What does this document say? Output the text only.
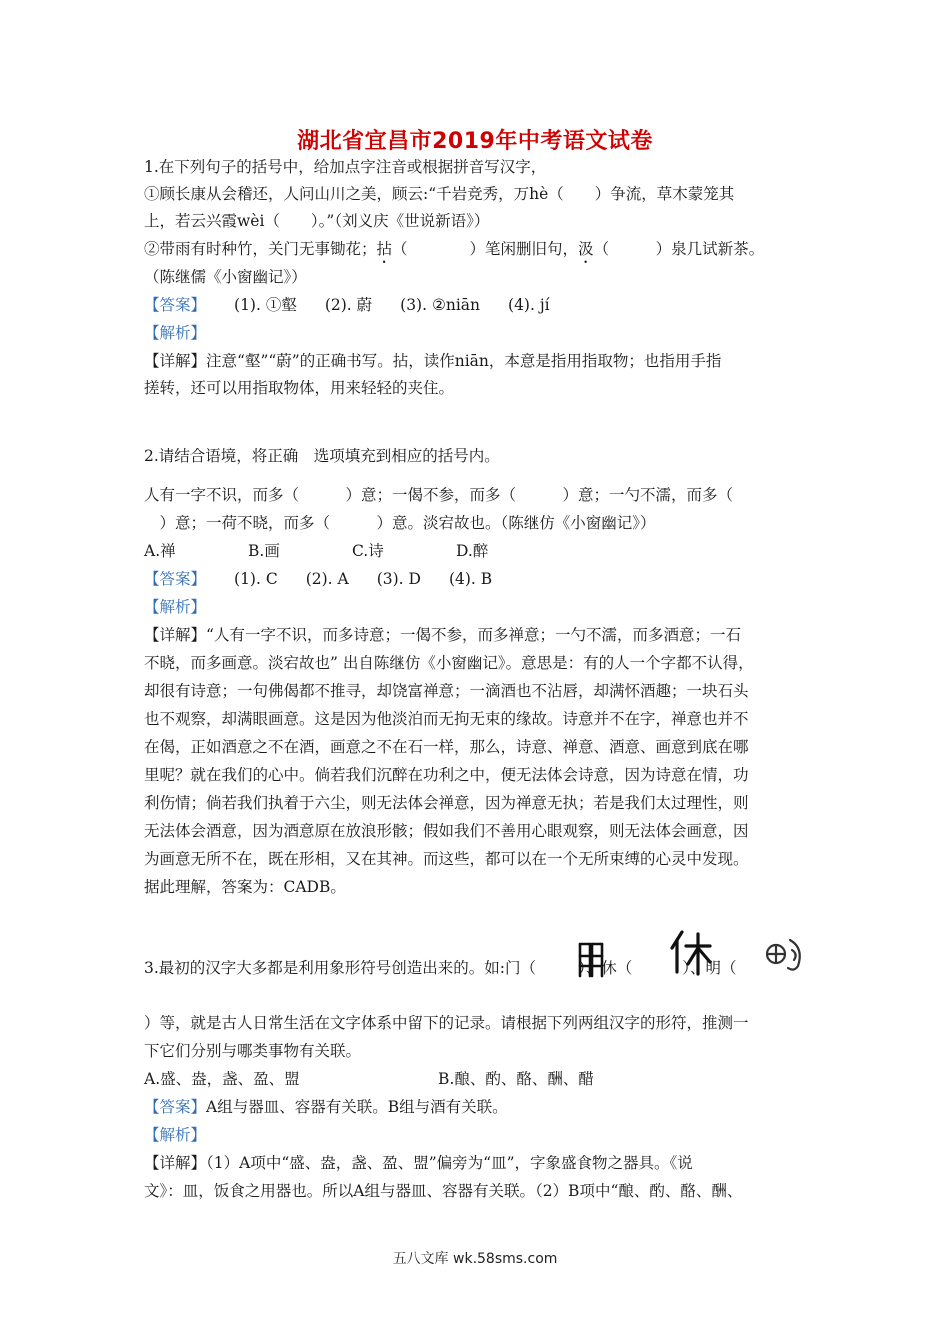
湖北省宜昌市2019年中考语文试卷
1.在下列句子的括号中，给加点字注音或根据拼音写汉字，
①顾长康从会稽还，人问山川之美，顾云:“千岩竞秀，万hè（　　）争流，草木蒙笼其
上，若云兴霞wèi（　　）。”（刘义庆《世说新语》）
②带雨有时种竹，关门无事锄花；拈（　　　　）笔闲删旧句，汲（　　　）泉几试新茶。
（陈继儒《小窗幽记》）
【答案】 (1). ①壑 (2). 蔚 (3). ②niān (4). jí
【解析】
【详解】注意“壑”“蔚”的正确书写。拈，读作niān，本意是指用指取物；也指用手指
搓转，还可以用指取物体，用来轻轻的夹住。
2.请结合语境，将正确　选项填充到相应的括号内。
人有一字不识，而多（　　　）意；一偈不参，而多（　　　）意；一勺不濡，而多（
　）意；一荷不晓，而多（　　　）意。淡宕故也。（陈继仿《小窗幽记》）
A.禅	B.画	C.诗	D.醉
【答案】 (1). C (2). A (3). D (4). B
【解析】
【详解】“人有一字不识，而多诗意；一偈不参，而多禅意；一勺不濡，而多酒意；一石
不晓，而多画意。淡宕故也” 出自陈继仿《小窗幽记》。意思是：有的人一个字都不认得，
却很有诗意；一句佛偈都不推寻，却饶富禅意；一滴酒也不沾唇，却满怀酒趣；一块石头
也不观察，却满眼画意。这是因为他淡泊而无拘无束的缘故。诗意并不在字，禅意也并不
在偈，正如酒意之不在酒，画意之不在石一样，那么，诗意、禅意、酒意、画意到底在哪
里呢？就在我们的心中。倘若我们沉醉在功利之中，便无法体会诗意，因为诗意在情，功
利伤情；倘若我们执着于六尘，则无法体会禅意，因为禅意无执；若是我们太过理性，则
无法体会酒意，因为酒意原在放浪形骸；假如我们不善用心眼观察，则无法体会画意，因
为画意无所不在，既在形相，又在其神。而这些，都可以在一个无所束缚的心灵中发现。
据此理解，答案为：CADB。
3.最初的汉字大多都是利用象形符号创造出来的。如:门（	）、休（	）、明（
）等，就是古人日常生活在文字体系中留下的记录。请根据下列两组汉字的形符，推测一
下它们分别与哪类事物有关联。
A.盛、盎，盏、盈、盟	B.酿、酌、酪、酬、醋
【答案】A组与器皿、容器有关联。B组与酒有关联。
【解析】
【详解】（1）A项中“盛、盎，盏、盈、盟”偏旁为“皿”，字象盛食物之器具。《说
文》：皿，饭食之用器也。所以A组与器皿、容器有关联。（2）B项中“酿、酌、酪、酬、
五八文库 wk.58sms.com
